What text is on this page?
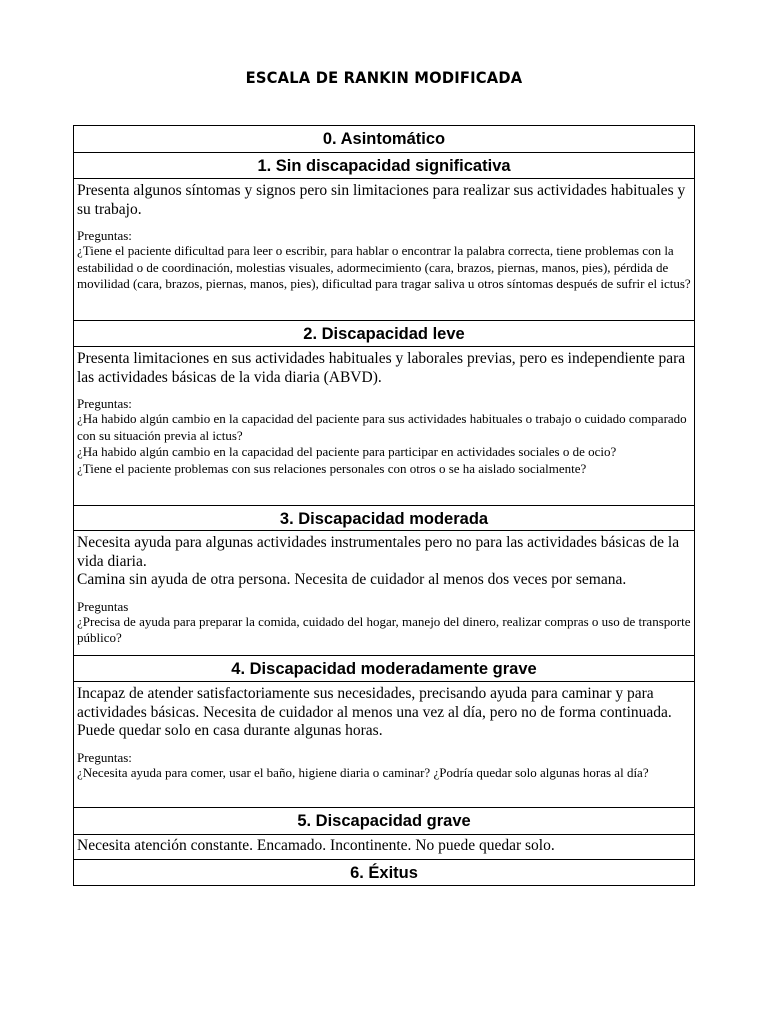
ESCALA DE RANKIN MODIFICADA
0. Asintomático
1. Sin discapacidad significativa
Presenta algunos síntomas y signos pero sin limitaciones para realizar sus actividades habituales y su trabajo.
Preguntas:
¿Tiene el paciente dificultad para leer o escribir, para hablar o encontrar la palabra correcta, tiene problemas con la estabilidad o de coordinación, molestias visuales, adormecimiento (cara, brazos, piernas, manos, pies), pérdida de movilidad (cara, brazos, piernas, manos, pies), dificultad para tragar saliva u otros síntomas después de sufrir el ictus?
2. Discapacidad leve
Presenta limitaciones en sus actividades habituales y laborales previas, pero es independiente para las actividades básicas de la vida diaria (ABVD).
Preguntas:
¿Ha habido algún cambio en la capacidad del paciente para sus actividades habituales o trabajo o cuidado comparado con su situación previa al ictus?
¿Ha habido algún cambio en la capacidad del paciente para participar en actividades sociales o de ocio?
¿Tiene el paciente problemas con sus relaciones personales con otros o se ha aislado socialmente?
3. Discapacidad moderada
Necesita ayuda para algunas actividades instrumentales pero no para las actividades básicas de la vida diaria.
Camina sin ayuda de otra persona. Necesita de cuidador al menos dos veces por semana.
Preguntas
¿Precisa de ayuda para preparar la comida, cuidado del hogar, manejo del dinero, realizar compras o uso de transporte público?
4. Discapacidad moderadamente grave
Incapaz de atender satisfactoriamente sus necesidades, precisando ayuda para caminar y para actividades básicas. Necesita de cuidador al menos una vez al día, pero no de forma continuada. Puede quedar solo en casa durante algunas horas.
Preguntas:
¿Necesita ayuda para comer, usar el baño, higiene diaria o caminar? ¿Podría quedar solo algunas horas al día?
5. Discapacidad grave
Necesita atención constante. Encamado. Incontinente. No puede quedar solo.
6. Éxitus
